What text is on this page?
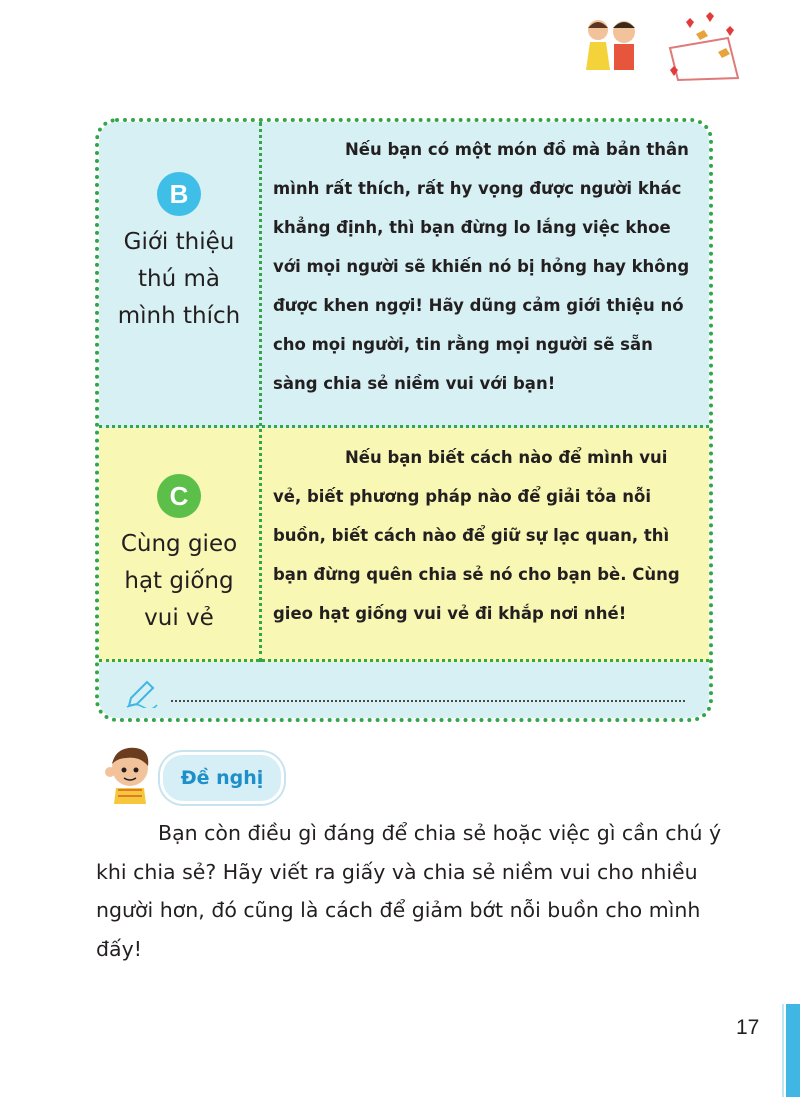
B
Giới thiệu
thú mà
mình thích
Nếu bạn có một món đồ mà bản thân mình rất thích, rất hy vọng được người khác khẳng định, thì bạn đừng lo lắng việc khoe với mọi người sẽ khiến nó bị hỏng hay không được khen ngợi! Hãy dũng cảm giới thiệu nó cho mọi người, tin rằng mọi người sẽ sẵn sàng chia sẻ niềm vui với bạn!
C
Cùng gieo
hạt giống
vui vẻ
Nếu bạn biết cách nào để mình vui vẻ, biết phương pháp nào để giải tỏa nỗi buồn, biết cách nào để giữ sự lạc quan, thì bạn đừng quên chia sẻ nó cho bạn bè. Cùng gieo hạt giống vui vẻ đi khắp nơi nhé!
Đề nghị
Bạn còn điều gì đáng để chia sẻ hoặc việc gì cần chú ý khi chia sẻ? Hãy viết ra giấy và chia sẻ niềm vui cho nhiều người hơn, đó cũng là cách để giảm bớt nỗi buồn cho mình đấy!
17
